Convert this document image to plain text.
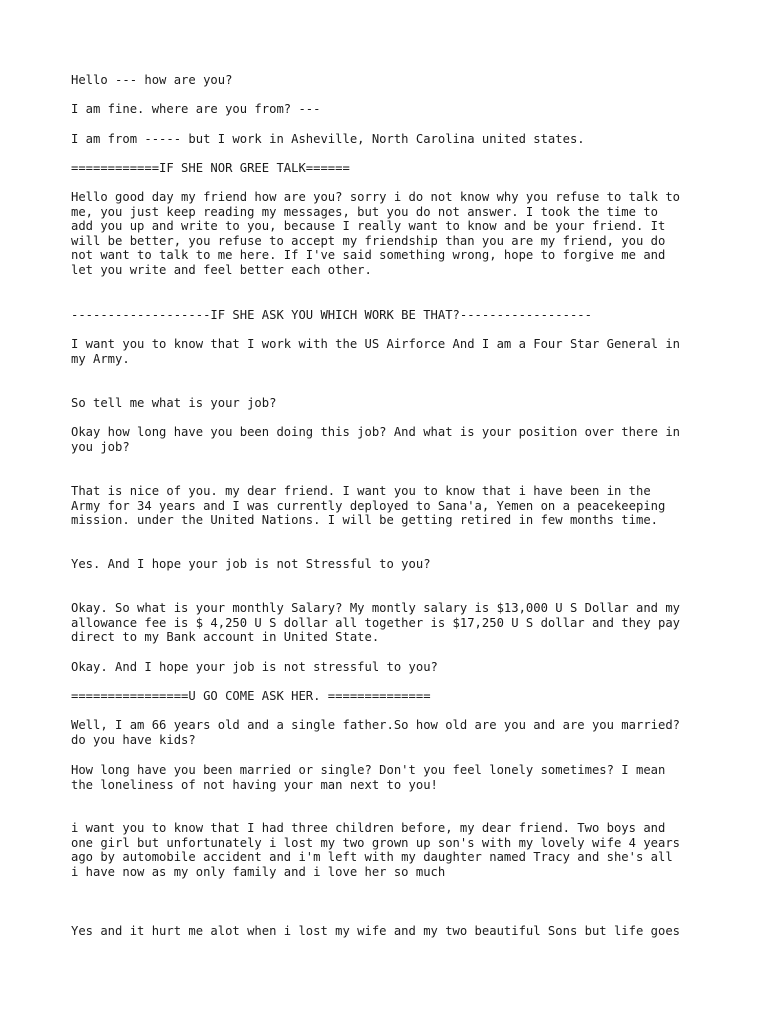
Hello --- how are you?

I am fine. where are you from? ---

I am from ----- but I work in Asheville, North Carolina united states.

============IF SHE NOR GREE TALK======

Hello good day my friend how are you? sorry i do not know why you refuse to talk to
me, you just keep reading my messages, but you do not answer. I took the time to
add you up and write to you, because I really want to know and be your friend. It
will be better, you refuse to accept my friendship than you are my friend, you do
not want to talk to me here. If I've said something wrong, hope to forgive me and
let you write and feel better each other.

-------------------IF SHE ASK YOU WHICH WORK BE THAT?------------------

I want you to know that I work with the US Airforce And I am a Four Star General in
my Army.

So tell me what is your job?

Okay how long have you been doing this job? And what is your position over there in
you job?

That is nice of you. my dear friend. I want you to know that i have been in the
Army for 34 years and I was currently deployed to Sana'a, Yemen on a peacekeeping
mission. under the United Nations. I will be getting retired in few months time.

Yes. And I hope your job is not Stressful to you?

Okay. So what is your monthly Salary? My montly salary is $13,000 U S Dollar and my
allowance fee is $ 4,250 U S dollar all together is $17,250 U S dollar and they pay
direct to my Bank account in United State.

Okay. And I hope your job is not stressful to you?

================U GO COME ASK HER. ==============

Well, I am 66 years old and a single father.So how old are you and are you married?
do you have kids?

How long have you been married or single? Don't you feel lonely sometimes? I mean
the loneliness of not having your man next to you!

i want you to know that I had three children before, my dear friend. Two boys and
one girl but unfortunately i lost my two grown up son's with my lovely wife 4 years
ago by automobile accident and i'm left with my daughter named Tracy and she's all
i have now as my only family and i love her so much

Yes and it hurt me alot when i lost my wife and my two beautiful Sons but life goes
